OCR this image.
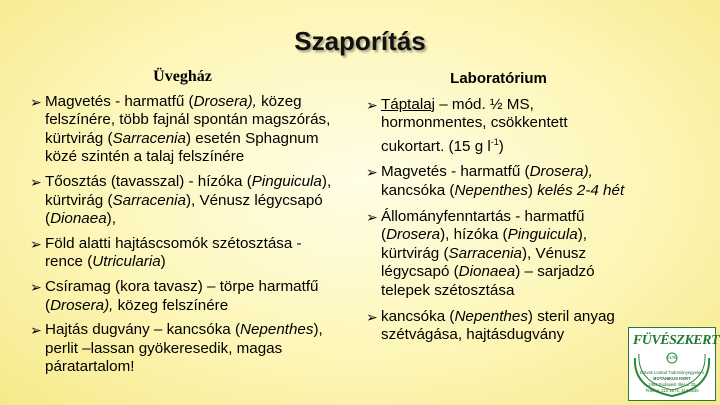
Szaporítás
Üvegház
➢ Magvetés - harmatfű (Drosera), közeg felszínére, több fajnál spontán magszórás, kürtvirág (Sarracenia) esetén Sphagnum közé szintén a talaj felszínére
➢ Tőosztás (tavasszal) - hízóka (Pinguicula), kürtvirág (Sarracenia), Vénusz légycsapó (Dionaea),
➢ Föld alatti hajtáscsomók szétosztása - rence (Utricularia)
➢ Csíramag (kora tavasz) – törpe harmatfű (Drosera), közeg felszínére
➢ Hajtás dugvány – kancsóka (Nepenthes), perlit –lassan gyökeresedik, magas páratartalom!
Laboratórium
➢ Táptalaj – mód. ½ MS, hormonmentes, csökkentett cukortart. (15 g $l^{-1}$)
➢ Magvetés - harmatfű (Drosera), kancsóka (Nepenthes) kelés 2-4 hét
➢ Állományfenntartás - harmatfű (Drosera), hízóka (Pinguicula), kürtvirág (Sarracenia), Vénusz légycsapó (Dionaea) – sarjadzó telepek szétosztása
➢ kancsóka (Nepenthes) steril anyag szétvágása, hajtásdugvány	FÜVÉSZKERT
ELTE
Eötvös Loránd Tudományegyetem
BOTANIKUS KERT
1083 Budapest Illés u. 25
Telefon: 210 1074, 314 0535
